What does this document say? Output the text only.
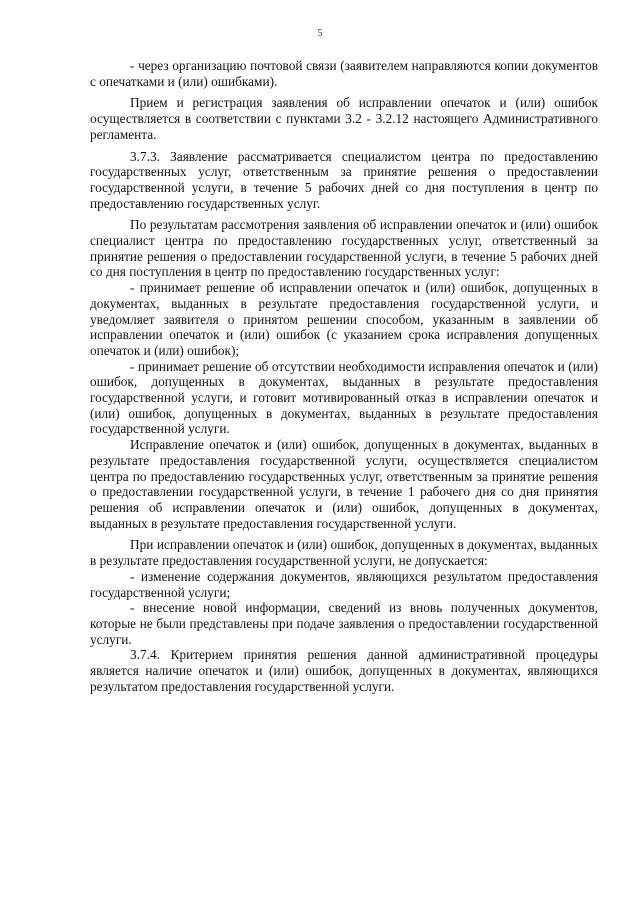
5

- через организацию почтовой связи (заявителем направляются копии документов с опечатками и (или) ошибками).

Прием и регистрация заявления об исправлении опечаток и (или) ошибок осуществляется в соответствии с пунктами 3.2 - 3.2.12 настоящего Административного регламента.

3.7.3. Заявление рассматривается специалистом центра по предоставлению государственных услуг, ответственным за принятие решения о предоставлении государственной услуги, в течение 5 рабочих дней со дня поступления в центр по предоставлению государственных услуг.

По результатам рассмотрения заявления об исправлении опечаток и (или) ошибок специалист центра по предоставлению государственных услуг, ответственный за принятие решения о предоставлении государственной услуги, в течение 5 рабочих дней со дня поступления в центр по предоставлению государственных услуг:

- принимает решение об исправлении опечаток и (или) ошибок, допущенных в документах, выданных в результате предоставления государственной услуги, и уведомляет заявителя о принятом решении способом, указанным в заявлении об исправлении опечаток и (или) ошибок (с указанием срока исправления допущенных опечаток и (или) ошибок);

- принимает решение об отсутствии необходимости исправления опечаток и (или) ошибок, допущенных в документах, выданных в результате предоставления государственной услуги, и готовит мотивированный отказ в исправлении опечаток и (или) ошибок, допущенных в документах, выданных в результате предоставления государственной услуги.

Исправление опечаток и (или) ошибок, допущенных в документах, выданных в результате предоставления государственной услуги, осуществляется специалистом центра по предоставлению государственных услуг, ответственным за принятие решения о предоставлении государственной услуги, в течение 1 рабочего дня со дня принятия решения об исправлении опечаток и (или) ошибок, допущенных в документах, выданных в результате предоставления государственной услуги.

При исправлении опечаток и (или) ошибок, допущенных в документах, выданных в результате предоставления государственной услуги, не допускается:

- изменение содержания документов, являющихся результатом предоставления государственной услуги;

- внесение новой информации, сведений из вновь полученных документов, которые не были представлены при подаче заявления о предоставлении государственной услуги.

3.7.4. Критерием принятия решения данной административной процедуры является наличие опечаток и (или) ошибок, допущенных в документах, являющихся результатом предоставления государственной услуги.
